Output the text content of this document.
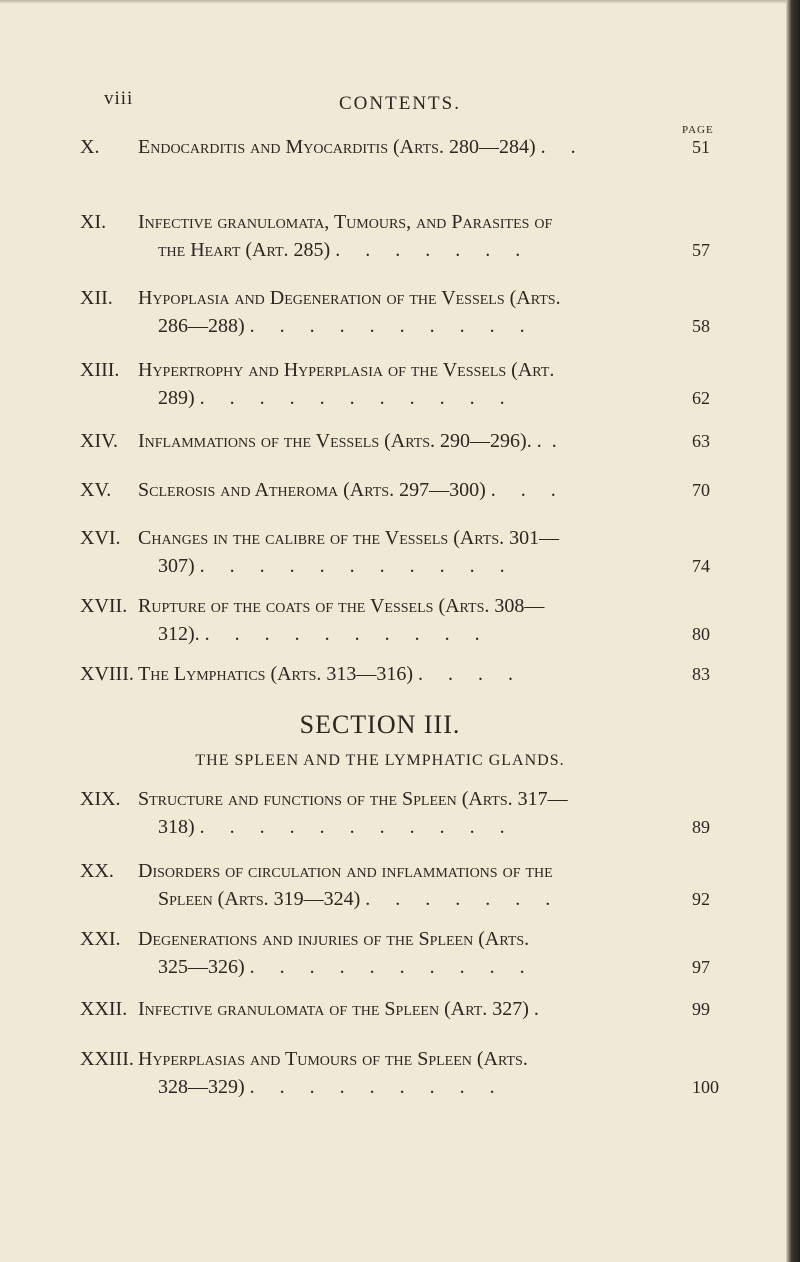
viii	CONTENTS.
PAGE
X. Endocarditis and Myocarditis (Arts. 280—284) . .	51
XI. Infective granulomata, Tumours, and Parasites of
the Heart (Art. 285) . . . . . . .	57
XII. Hypoplasia and Degeneration of the Vessels (Arts.
286—288) . . . . . . . . . .	58
XIII. Hypertrophy and Hyperplasia of the Vessels (Art.
289) . . . . . . . . . . .	62
XIV. Inflammations of the Vessels (Arts. 290—296). ..	63
XV. Sclerosis and Atheroma (Arts. 297—300) . . .	70
XVI. Changes in the calibre of the Vessels (Arts. 301—
307) . . . . . . . . . . .	74
XVII. Rupture of the coats of the Vessels (Arts. 308—
312). . . . . . . . . . .	80
XVIII. The Lymphatics (Arts. 313—316) . . . .	83
SECTION III.
THE SPLEEN AND THE LYMPHATIC GLANDS.
XIX. Structure and functions of the Spleen (Arts. 317—
318) . . . . . . . . . . .	89
XX. Disorders of circulation and inflammations of the
Spleen (Arts. 319—324) . . . . . . .	92
XXI. Degenerations and injuries of the Spleen (Arts.
325—326) . . . . . . . . . .	97
XXII. Infective granulomata of the Spleen (Art. 327) .	99
XXIII. Hyperplasias and Tumours of the Spleen (Arts.
328—329) . . . . . . . . .	100
